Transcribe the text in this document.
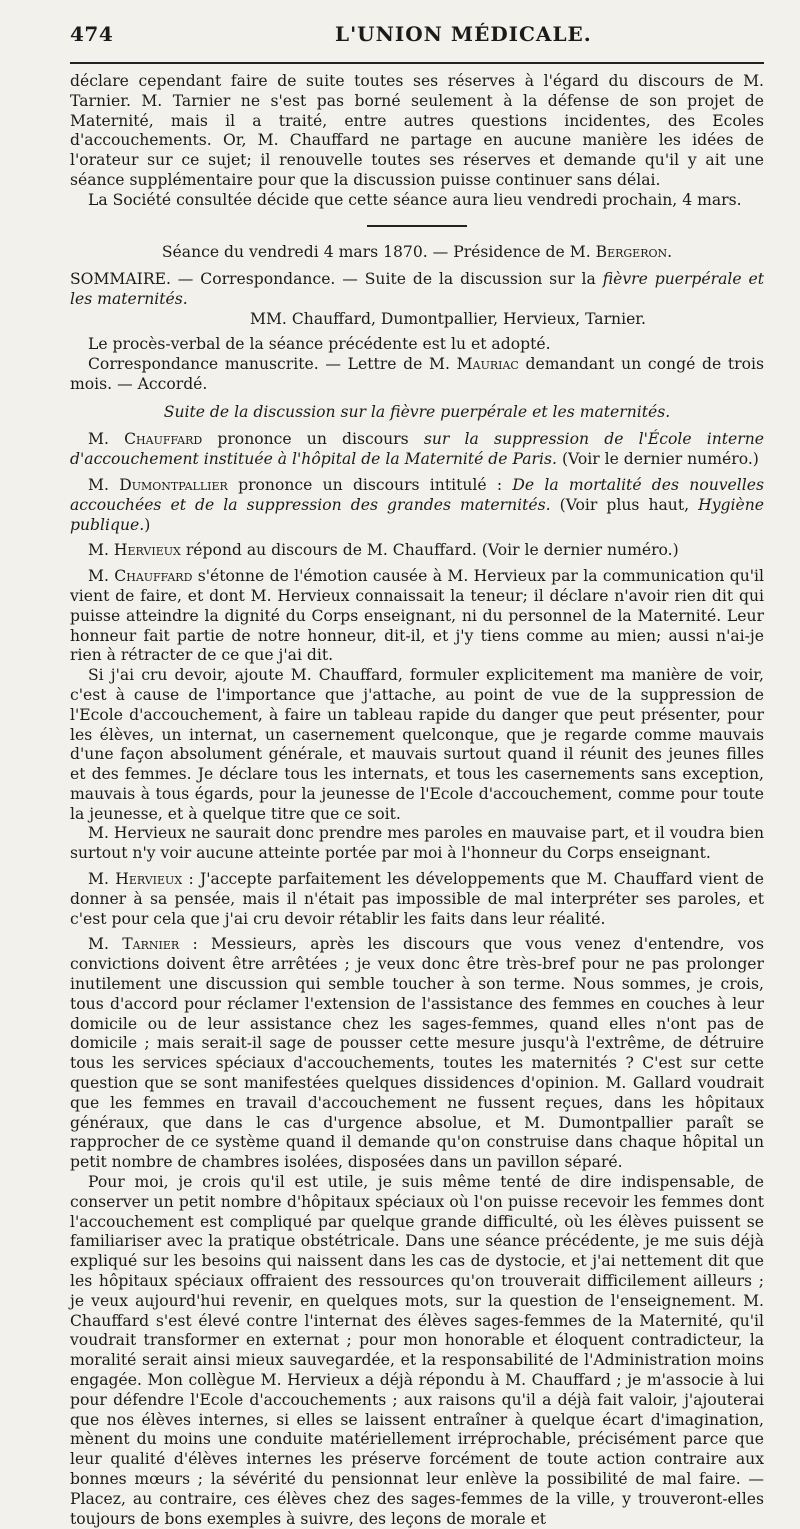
474	L'UNION MÉDICALE.

déclare cependant faire de suite toutes ses réserves à l'égard du discours de M. Tarnier. M. Tarnier ne s'est pas borné seulement à la défense de son projet de Maternité, mais il a traité, entre autres questions incidentes, des Ecoles d'accouchements. Or, M. Chauffard ne partage en aucune manière les idées de l'orateur sur ce sujet; il renouvelle toutes ses réserves et demande qu'il y ait une séance supplémentaire pour que la discussion puisse continuer sans délai.

La Société consultée décide que cette séance aura lieu vendredi prochain, 4 mars.

Séance du vendredi 4 mars 1870. — Présidence de M. Bergeron.
SOMMAIRE. — Correspondance. — Suite de la discussion sur la fièvre puerpérale et les maternités.
MM. Chauffard, Dumontpallier, Hervieux, Tarnier.

Le procès-verbal de la séance précédente est lu et adopté.

Correspondance manuscrite. — Lettre de M. Mauriac demandant un congé de trois mois. — Accordé.

Suite de la discussion sur la fièvre puerpérale et les maternités.

M. Chauffard prononce un discours sur la suppression de l'École interne d'accouchement instituée à l'hôpital de la Maternité de Paris. (Voir le dernier numéro.)

M. Dumontpallier prononce un discours intitulé : De la mortalité des nouvelles accouchées et de la suppression des grandes maternités. (Voir plus haut, Hygiène publique.)

M. Hervieux répond au discours de M. Chauffard. (Voir le dernier numéro.)

M. Chauffard s'étonne de l'émotion causée à M. Hervieux par la communication qu'il vient de faire, et dont M. Hervieux connaissait la teneur; il déclare n'avoir rien dit qui puisse atteindre la dignité du Corps enseignant, ni du personnel de la Maternité. Leur honneur fait partie de notre honneur, dit-il, et j'y tiens comme au mien; aussi n'ai-je rien à rétracter de ce que j'ai dit.

Si j'ai cru devoir, ajoute M. Chauffard, formuler explicitement ma manière de voir, c'est à cause de l'importance que j'attache, au point de vue de la suppression de l'Ecole d'accouchement, à faire un tableau rapide du danger que peut présenter, pour les élèves, un internat, un casernement quelconque, que je regarde comme mauvais d'une façon absolument générale, et mauvais surtout quand il réunit des jeunes filles et des femmes. Je déclare tous les internats, et tous les casernements sans exception, mauvais à tous égards, pour la jeunesse de l'Ecole d'accouchement, comme pour toute la jeunesse, et à quelque titre que ce soit.

M. Hervieux ne saurait donc prendre mes paroles en mauvaise part, et il voudra bien surtout n'y voir aucune atteinte portée par moi à l'honneur du Corps enseignant.

M. Hervieux : J'accepte parfaitement les développements que M. Chauffard vient de donner à sa pensée, mais il n'était pas impossible de mal interpréter ses paroles, et c'est pour cela que j'ai cru devoir rétablir les faits dans leur réalité.

M. Tarnier : Messieurs, après les discours que vous venez d'entendre, vos convictions doivent être arrêtées ; je veux donc être très-bref pour ne pas prolonger inutilement une discussion qui semble toucher à son terme. Nous sommes, je crois, tous d'accord pour réclamer l'extension de l'assistance des femmes en couches à leur domicile ou de leur assistance chez les sages-femmes, quand elles n'ont pas de domicile ; mais serait-il sage de pousser cette mesure jusqu'à l'extrême, de détruire tous les services spéciaux d'accouchements, toutes les maternités ? C'est sur cette question que se sont manifestées quelques dissidences d'opinion. M. Gallard voudrait que les femmes en travail d'accouchement ne fussent reçues, dans les hôpitaux généraux, que dans le cas d'urgence absolue, et M. Dumontpallier paraît se rapprocher de ce système quand il demande qu'on construise dans chaque hôpital un petit nombre de chambres isolées, disposées dans un pavillon séparé.

Pour moi, je crois qu'il est utile, je suis même tenté de dire indispensable, de conserver un petit nombre d'hôpitaux spéciaux où l'on puisse recevoir les femmes dont l'accouchement est compliqué par quelque grande difficulté, où les élèves puissent se familiariser avec la pratique obstétricale. Dans une séance précédente, je me suis déjà expliqué sur les besoins qui naissent dans les cas de dystocie, et j'ai nettement dit que les hôpitaux spéciaux offraient des ressources qu'on trouverait difficilement ailleurs ; je veux aujourd'hui revenir, en quelques mots, sur la question de l'enseignement. M. Chauffard s'est élevé contre l'internat des élèves sages-femmes de la Maternité, qu'il voudrait transformer en externat ; pour mon honorable et éloquent contradicteur, la moralité serait ainsi mieux sauvegardée, et la responsabilité de l'Administration moins engagée. Mon collègue M. Hervieux a déjà répondu à M. Chauffard ; je m'associe à lui pour défendre l'Ecole d'accouchements ; aux raisons qu'il a déjà fait valoir, j'ajouterai que nos élèves internes, si elles se laissent entraîner à quelque écart d'imagination, mènent du moins une conduite matériellement irréprochable, précisément parce que leur qualité d'élèves internes les préserve forcément de toute action contraire aux bonnes mœurs ; la sévérité du pensionnat leur enlève la possibilité de mal faire. — Placez, au contraire, ces élèves chez des sages-femmes de la ville, y trouveront-elles toujours de bons exemples à suivre, des leçons de morale et
